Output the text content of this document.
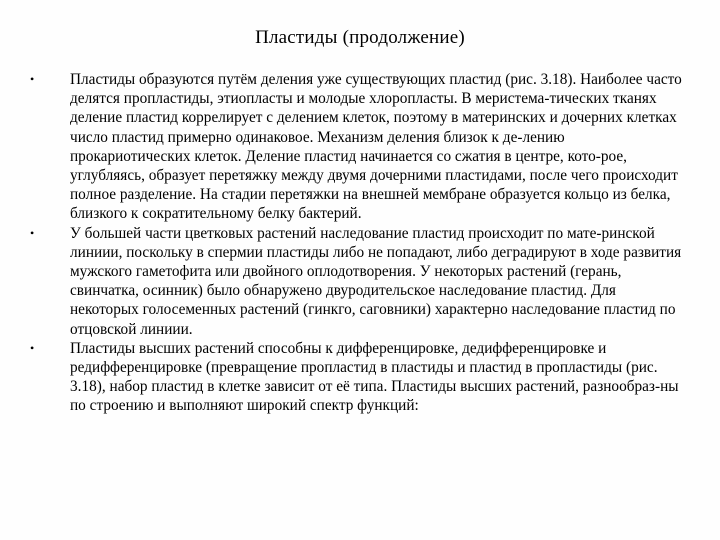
Пластиды (продолжение)
•	Пластиды образуются путём деления уже существующих пластид (рис. 3.18). Наиболее часто делятся пропластиды, этиопласты и молодые хлоропласты. В меристема-тических тканях деление пластид коррелирует с делением клеток, поэтому в материнских и дочерних клетках число пластид примерно одинаковое. Механизм деления близок к де-лению прокариотических клеток. Деление пластид начинается со сжатия в центре, кото-рое, углубляясь, образует перетяжку между двумя дочерними пластидами, после чего происходит полное разделение. На стадии перетяжки на внешней мембране образуется кольцо из белка, близкого к сократительному белку бактерий.
•	У большей части цветковых растений наследование пластид происходит по мате-ринской линиии, поскольку в спермии пластиды либо не попадают, либо деградируют в ходе развития мужского гаметофита или двойного оплодотворения. У некоторых растений (герань, свинчатка, осинник) было обнаружено двуродительское наследование пластид. Для некоторых голосеменных растений (гинкго, саговники) характерно наследование пластид по отцовской линиии.
•	Пластиды высших растений способны к дифференцировке, дедифференцировке и редифференцировке (превращение пропластид в пластиды и пластид в пропластиды (рис. 3.18), набор пластид в клетке зависит от её типа. Пластиды высших растений, разнообраз-ны по строению и выполняют широкий спектр функций:
